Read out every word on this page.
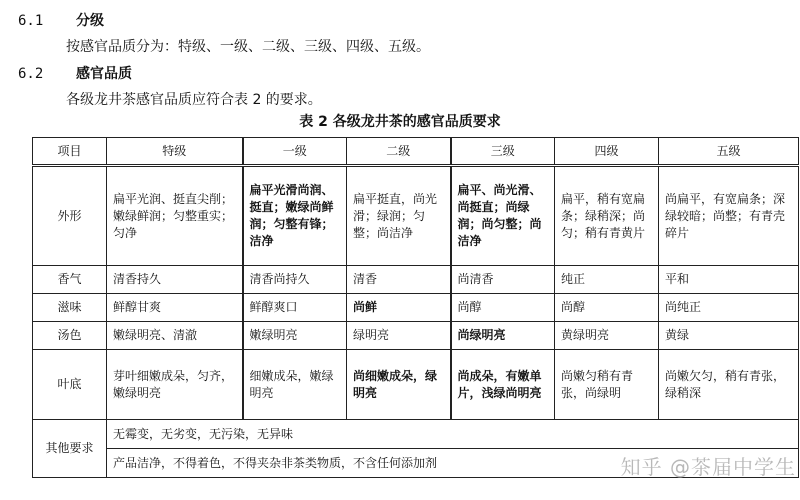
6.1 分级
按感官品质分为：特级、一级、二级、三级、四级、五级。
6.2 感官品质
各级龙井茶感官品质应符合表 2 的要求。
表 2 各级龙井茶的感官品质要求
项目	特级	一级	二级	三级	四级	五级
外形	扁平光润、挺直尖削；嫩绿鲜润；匀整重实；匀净	扁平光滑尚润、挺直；嫩绿尚鲜润；匀整有锋；洁净	扁平挺直，尚光滑；绿润；匀整；尚洁净	扁平、尚光滑、尚挺直；尚绿润；尚匀整；尚洁净	扁平，稍有宽扁条；绿稍深；尚匀；稍有青黄片	尚扁平，有宽扁条；深绿较暗；尚整；有青壳碎片
香气	清香持久	清香尚持久	清香	尚清香	纯正	平和
滋味	鲜醇甘爽	鲜醇爽口	尚鲜	尚醇	尚醇	尚纯正
汤色	嫩绿明亮、清澈	嫩绿明亮	绿明亮	尚绿明亮	黄绿明亮	黄绿
叶底	芽叶细嫩成朵，匀齐，嫩绿明亮	细嫩成朵，嫩绿明亮	尚细嫩成朵，绿明亮	尚成朵，有嫩单片，浅绿尚明亮	尚嫩匀稍有青张，尚绿明	尚嫩欠匀，稍有青张，绿稍深
其他要求	无霉变，无劣变，无污染，无异味					
	产品洁净，不得着色，不得夹杂非茶类物质，不含任何添加剂						知乎 @茶届中学生
